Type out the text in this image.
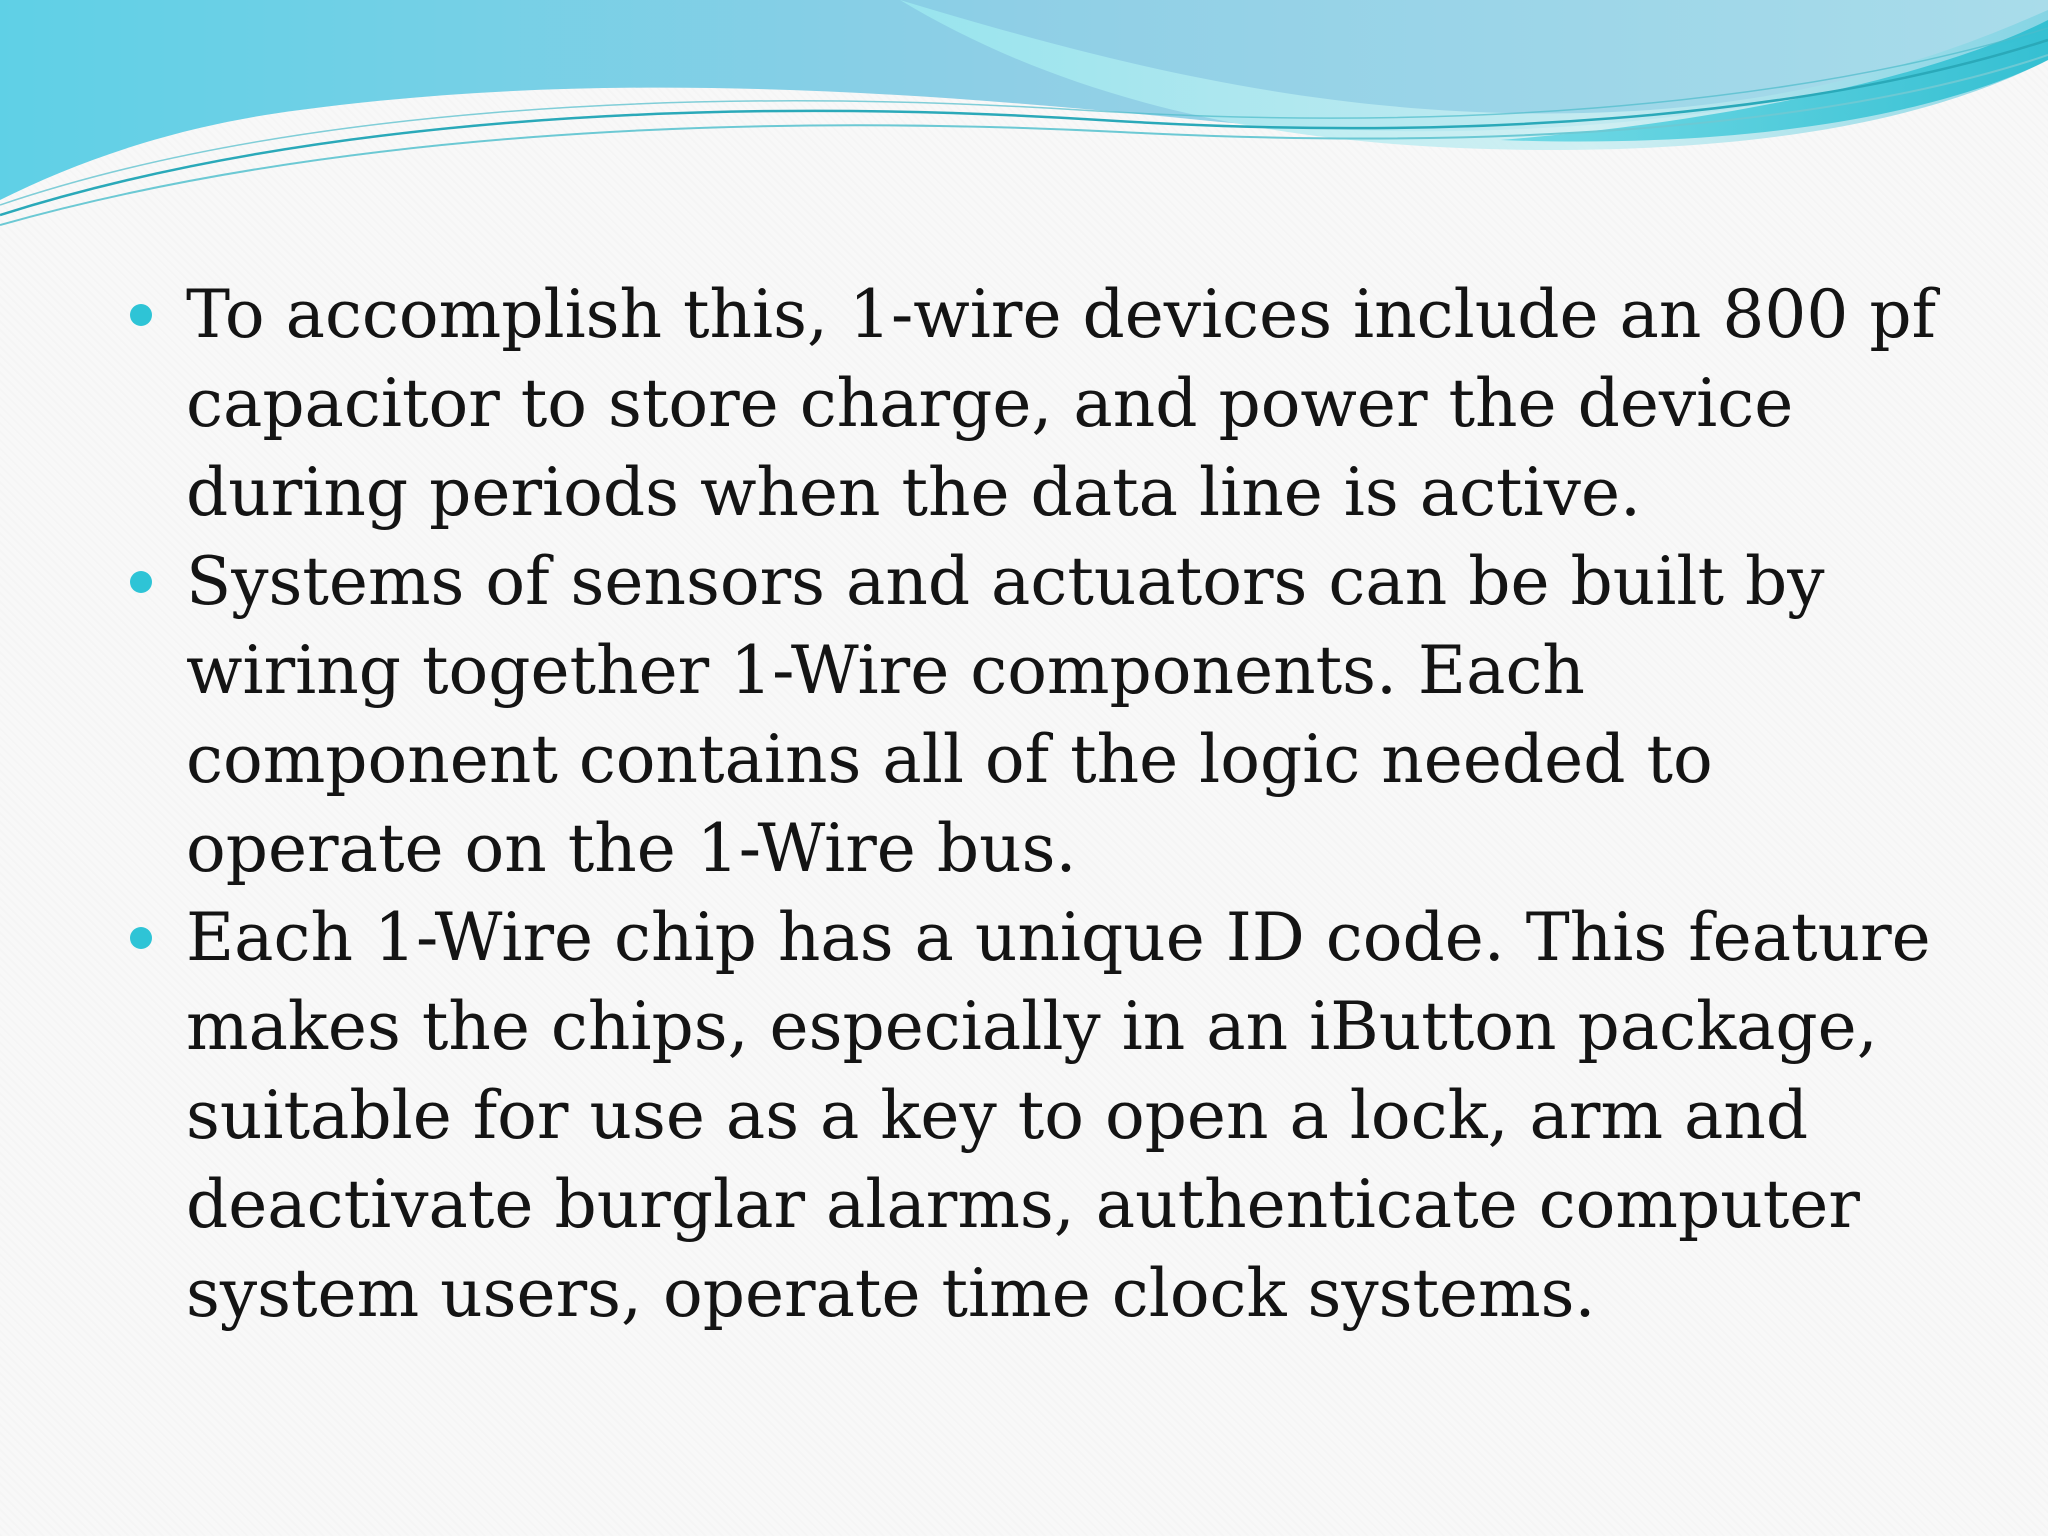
To accomplish this, 1-wire devices include an 800 pf capacitor to store charge, and power the device during periods when the data line is active.
Systems of sensors and actuators can be built by wiring together 1-Wire components. Each component contains all of the logic needed to operate on the 1-Wire bus.
Each 1-Wire chip has a unique ID code. This feature makes the chips, especially in an iButton package, suitable for use as a key to open a lock, arm and deactivate burglar alarms, authenticate computer system users, operate time clock systems.
